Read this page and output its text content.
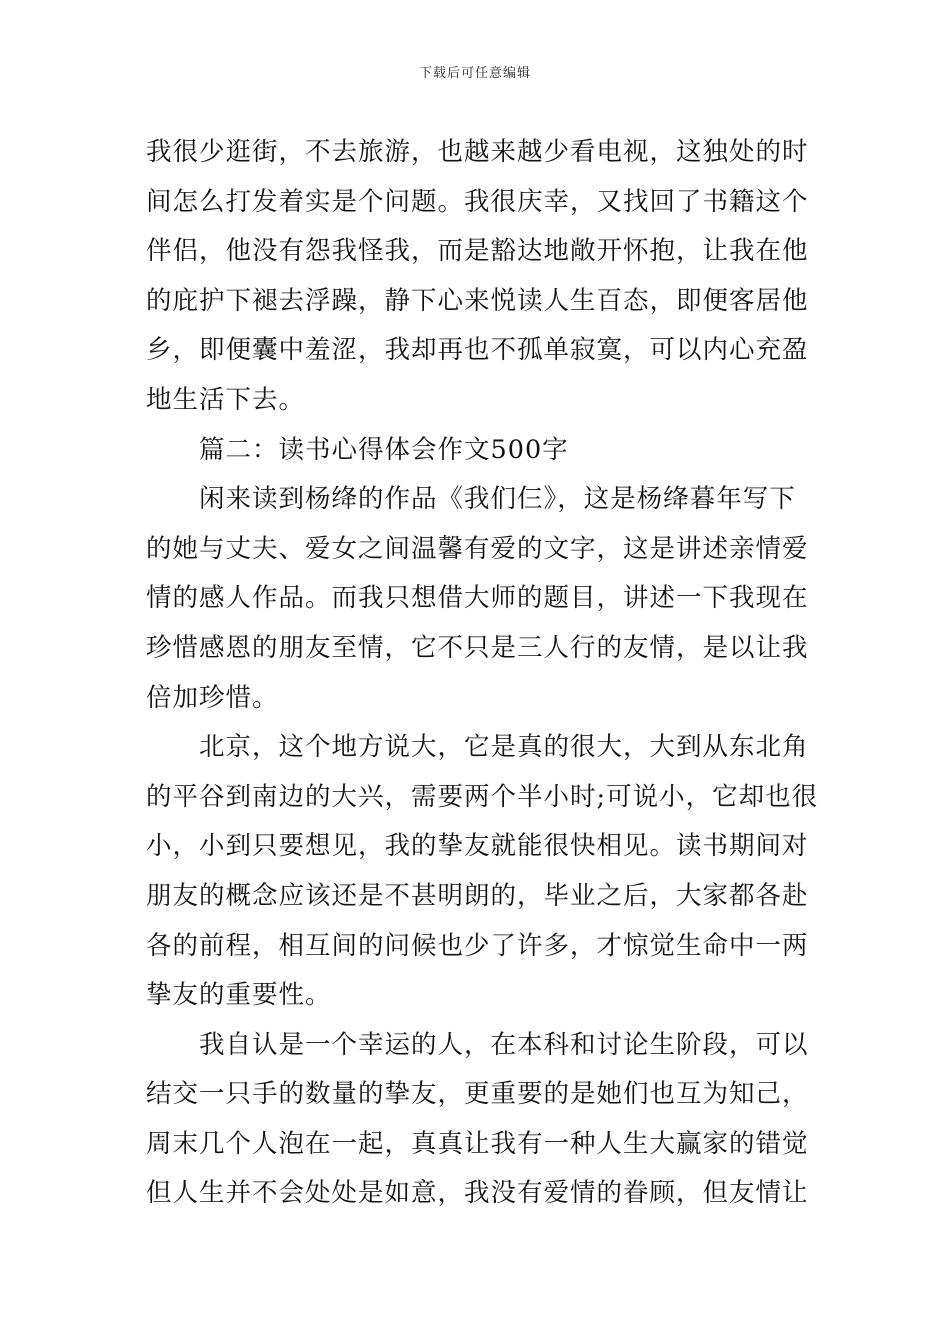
下载后可任意编辑
我很少逛街，不去旅游，也越来越少看电视，这独处的时
间怎么打发着实是个问题。我很庆幸，又找回了书籍这个
伴侣，他没有怨我怪我，而是豁达地敞开怀抱，让我在他
的庇护下褪去浮躁，静下心来悦读人生百态，即便客居他
乡，即便囊中羞涩，我却再也不孤单寂寞，可以内心充盈
地生活下去。
　　篇二：读书心得体会作文500字
　　闲来读到杨绛的作品《我们仨》，这是杨绛暮年写下
的她与丈夫、爱女之间温馨有爱的文字，这是讲述亲情爱
情的感人作品。而我只想借大师的题目，讲述一下我现在
珍惜感恩的朋友至情，它不只是三人行的友情，是以让我
倍加珍惜。
　　北京，这个地方说大，它是真的很大，大到从东北角
的平谷到南边的大兴，需要两个半小时;可说小，它却也很
小，小到只要想见，我的挚友就能很快相见。读书期间对
朋友的概念应该还是不甚明朗的，毕业之后，大家都各赴
各的前程，相互间的问候也少了许多，才惊觉生命中一两
挚友的重要性。
　　我自认是一个幸运的人，在本科和讨论生阶段，可以
结交一只手的数量的挚友，更重要的是她们也互为知己，
周末几个人泡在一起，真真让我有一种人生大赢家的错觉
但人生并不会处处是如意，我没有爱情的眷顾，但友情让
